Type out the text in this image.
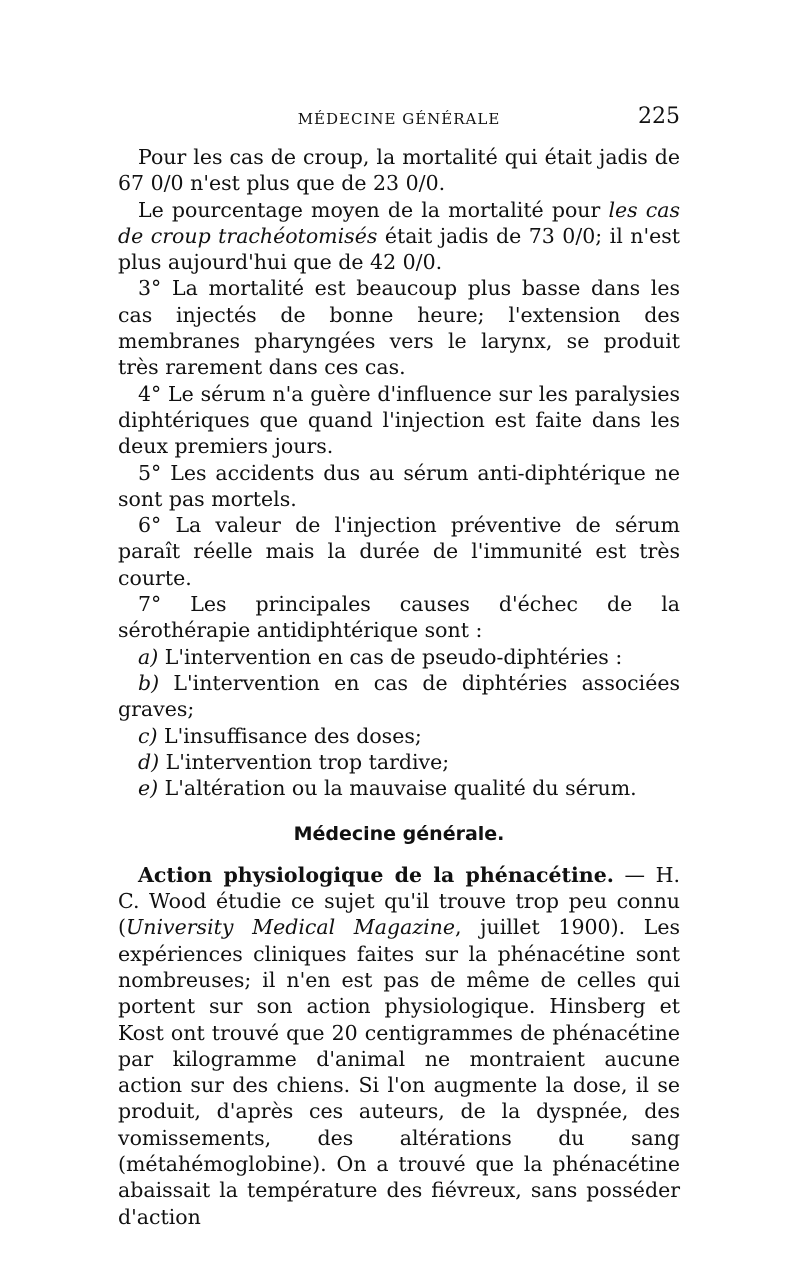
MÉDECINE GÉNÉRALE	225

Pour les cas de croup, la mortalité qui était jadis de 67 0/0 n'est plus que de 23 0/0.

Le pourcentage moyen de la mortalité pour les cas de croup trachéotomisés était jadis de 73 0/0; il n'est plus aujourd'hui que de 42 0/0.

3° La mortalité est beaucoup plus basse dans les cas injectés de bonne heure; l'extension des membranes pharyngées vers le larynx, se produit très rarement dans ces cas.

4° Le sérum n'a guère d'influence sur les paralysies diphtériques que quand l'injection est faite dans les deux premiers jours.

5° Les accidents dus au sérum anti-diphtérique ne sont pas mortels.

6° La valeur de l'injection préventive de sérum paraît réelle mais la durée de l'immunité est très courte.

7° Les principales causes d'échec de la sérothérapie antidiphtérique sont :

a) L'intervention en cas de pseudo-diphtéries :

b) L'intervention en cas de diphtéries associées graves;

c) L'insuffisance des doses;

d) L'intervention trop tardive;

e) L'altération ou la mauvaise qualité du sérum.

Médecine générale.

Action physiologique de la phénacétine. — H. C. Wood étudie ce sujet qu'il trouve trop peu connu (University Medical Magazine, juillet 1900). Les expériences cliniques faites sur la phénacétine sont nombreuses; il n'en est pas de même de celles qui portent sur son action physiologique. Hinsberg et Kost ont trouvé que 20 centigrammes de phénacétine par kilogramme d'animal ne montraient aucune action sur des chiens. Si l'on augmente la dose, il se produit, d'après ces auteurs, de la dyspnée, des vomissements, des altérations du sang (métahémoglobine). On a trouvé que la phénacétine abaissait la température des fiévreux, sans posséder d'action
